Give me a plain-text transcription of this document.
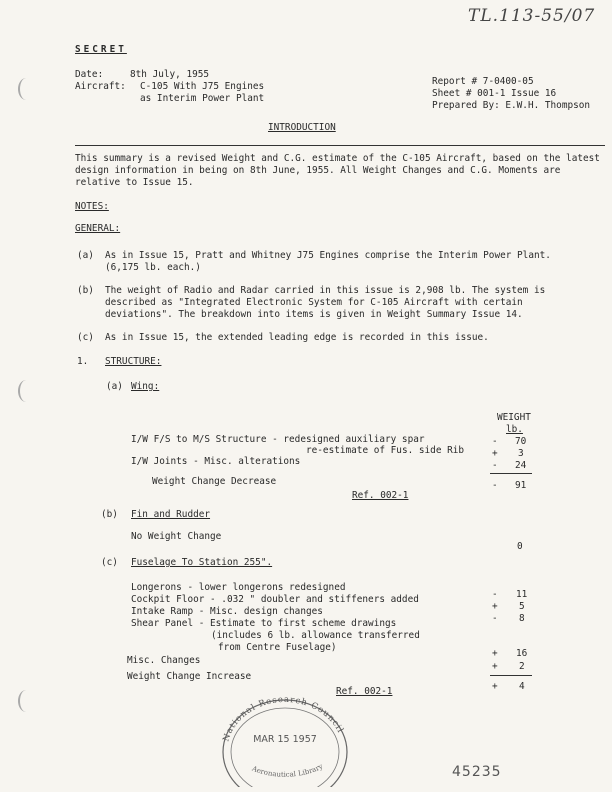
TL.113-55/07
SECRET
Date:	8th July, 1955
Aircraft: C-105 With J75 Engines
as Interim Power Plant
Report # 7-0400-05
Sheet # 001-1 Issue 16
Prepared By: E.W.H. Thompson
INTRODUCTION
This summary is a revised Weight and C.G. estimate of the C-105 Aircraft, based on the latest design information in being on 8th June, 1955. All Weight Changes and C.G. Moments are relative to Issue 15.
NOTES:
GENERAL:
(a) As in Issue 15, Pratt and Whitney J75 Engines comprise the Interim Power Plant. (6,175 lb. each.)
(b) The weight of Radio and Radar carried in this issue is 2,908 lb. The system is described as "Integrated Electronic System for C-105 Aircraft with certain deviations". The breakdown into items is given in Weight Summary Issue 14.
(c) As in Issue 15, the extended leading edge is recorded in this issue.
1. STRUCTURE:
(a) Wing:
WEIGHT
lb.
I/W F/S to M/S Structure - redesigned auxiliary spar
re-estimate of Fus. side Rib
I/W Joints - Misc. alterations
Weight Change Decrease
Ref. 002-1
- 70
+ 3
- 24
- 91
(b) Fin and Rudder
No Weight Change
0
(c) Fuselage To Station 255".
Longerons - lower longerons redesigned
Cockpit Floor - .032 " doubler and stiffeners added
Intake Ramp - Misc. design changes
Shear Panel - Estimate to first scheme drawings
(includes 6 lb. allowance transferred
from Centre Fuselage)
Misc. Changes
Weight Change Increase
- 11
+ 5
- 8
+ 16
+ 2
+ 4
Ref. 002-1
National Research Council
MAR 15 1957
Aeronautical Library	45235
